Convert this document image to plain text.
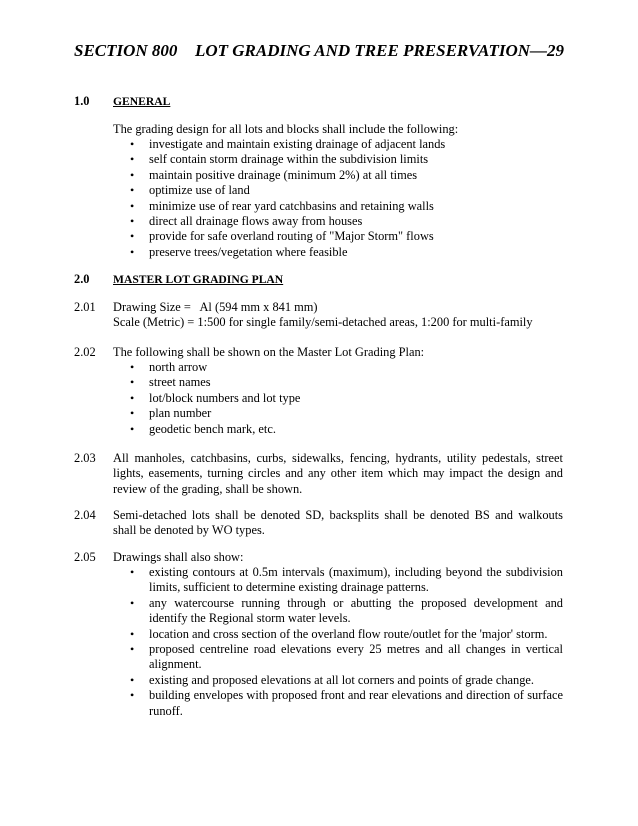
SECTION 800 LOT GRADING AND TREE PRESERVATION—29
1.0 GENERAL
The grading design for all lots and blocks shall include the following:
•	investigate and maintain existing drainage of adjacent lands
•	self contain storm drainage within the subdivision limits
•	maintain positive drainage (minimum 2%) at all times
•	optimize use of land
•	minimize use of rear yard catchbasins and retaining walls
•	direct all drainage flows away from houses
•	provide for safe overland routing of "Major Storm" flows
•	preserve trees/vegetation where feasible
2.0 MASTER LOT GRADING PLAN
2.01 Drawing Size =   Al (594 mm x 841 mm)
Scale (Metric) = 1:500 for single family/semi-detached areas, 1:200 for multi-family
2.02 The following shall be shown on the Master Lot Grading Plan:
•	north arrow
•	street names
•	lot/block numbers and lot type
•	plan number
•	geodetic bench mark, etc.
2.03 All manholes, catchbasins, curbs, sidewalks, fencing, hydrants, utility pedestals, street lights, easements, turning circles and any other item which may impact the design and review of the grading, shall be shown.
2.04 Semi-detached lots shall be denoted SD, backsplits shall be denoted BS and walkouts shall be denoted by WO types.
2.05 Drawings shall also show:
•	existing contours at 0.5m intervals (maximum), including beyond the subdivision limits, sufficient to determine existing drainage patterns.
•	any watercourse running through or abutting the proposed development and identify the Regional storm water levels.
•	location and cross section of the overland flow route/outlet for the 'major' storm.
•	proposed centreline road elevations every 25 metres and all changes in vertical alignment.
•	existing and proposed elevations at all lot corners and points of grade change.
•	building envelopes with proposed front and rear elevations and direction of surface runoff.
